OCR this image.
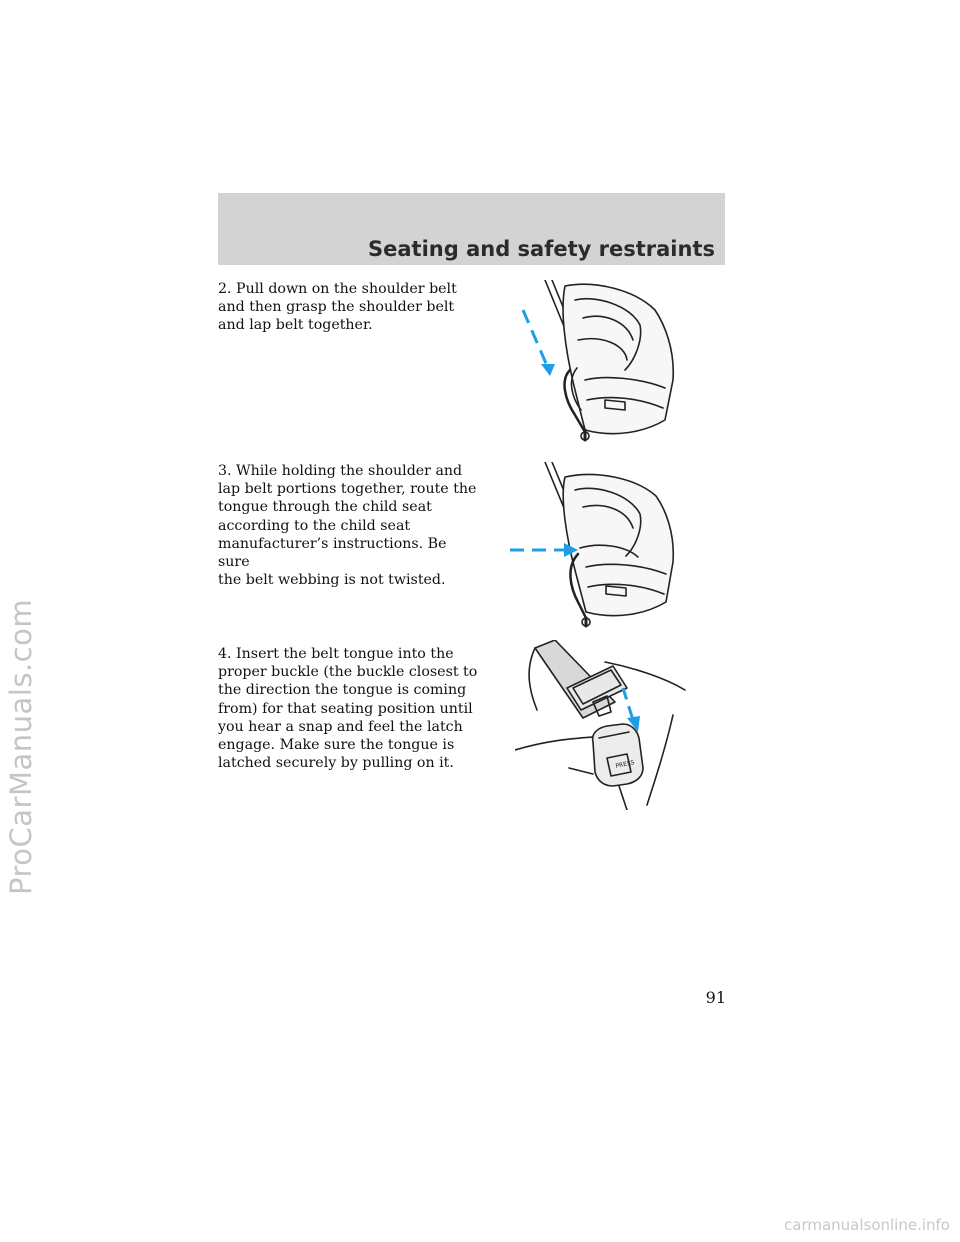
Seating and safety restraints
2. Pull down on the shoulder belt
and then grasp the shoulder belt
and lap belt together.
3. While holding the shoulder and
lap belt portions together, route the
tongue through the child seat
according to the child seat
manufacturer’s instructions. Be sure
the belt webbing is not twisted.
4. Insert the belt tongue into the
proper buckle (the buckle closest to
the direction the tongue is coming
from) for that seating position until
you hear a snap and feel the latch
engage. Make sure the tongue is
latched securely by pulling on it.	PRESS
91
ProCarManuals.com
carmanualsonline.info
